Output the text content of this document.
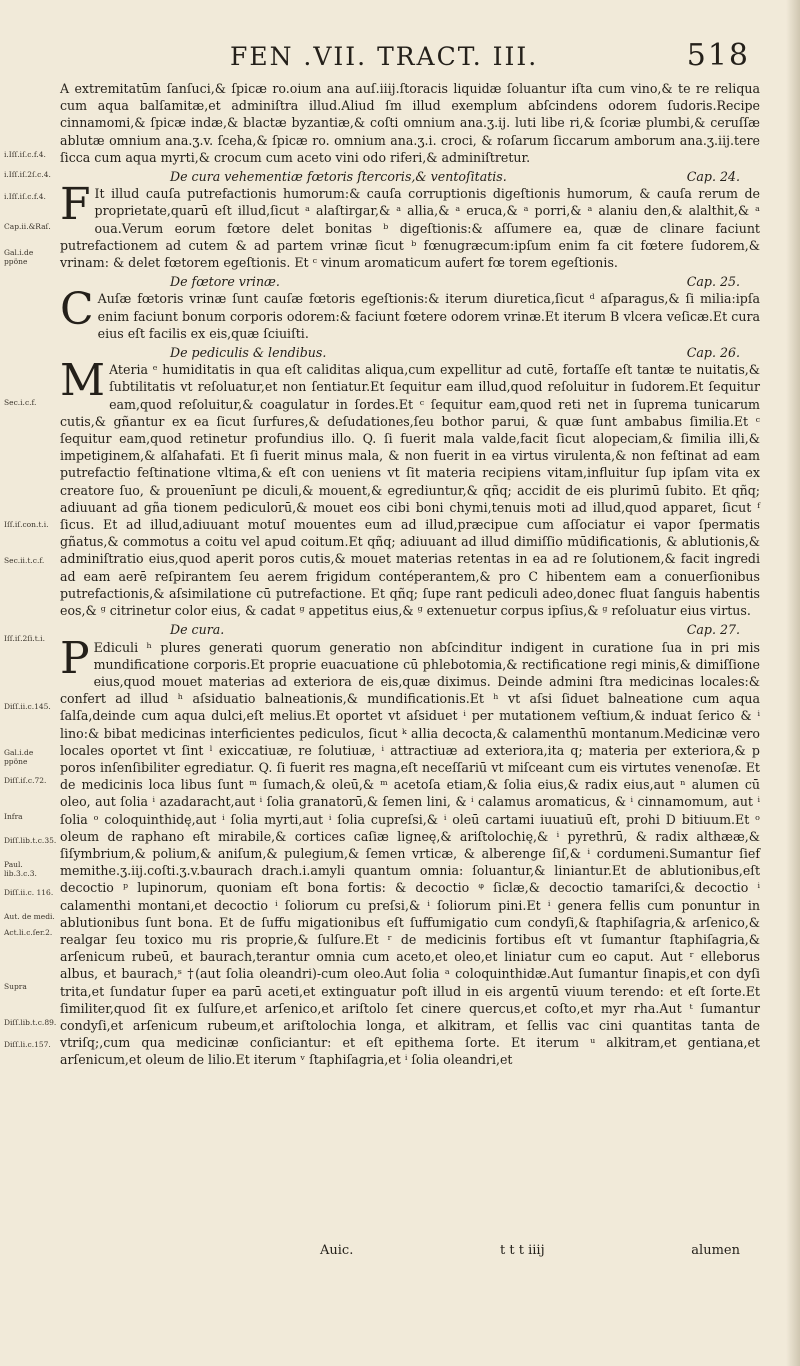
FEN .VII. TRACT. III.	518
i.Iſſ.iſ.c.f.4.
i.Iſſ.iſ.2ſ.c.4.
i.Iſſ.iſ.c.f.4.
Cap.ii.&Raſ.
Gal.i.de ppöne
Sec.i.c.f.
Iſſ.iſ.con.t.i.
Sec.ii.t.c.f.
Iſſ.iſ.2ſi.t.i.
Diſſ.ii.c.145.
Gal.i.de ppöne
Diſſ.iſ.c.72.
Infra
Diſſ.lib.t.c.35.
Paul. lib.3.c.3.
Diſſ.ii.c. 116.
Aut. de medi.
Act.li.c.ſer.2.
Supra
Diſſ.lib.t.c.89.
Diſſ.li.c.157.

A extremitatūm ſanſuci,& ſpicæ ro.oium ana auſ.iiij.ſtoracis liquidæ ſoluantur iſta cum vino,& te re reliqua cum aqua balſamitæ,et adminiſtra illud.Aliud ſm illud exemplum abſcindens odorem ſudoris.Recipe cinnamomi,& ſpicæ indæ,& blactæ byzantiæ,& coſti omnium ana.ʒ.ij. luti libe ri,& ſcoriæ plumbi,& ceruſſæ ablutæ omnium ana.ʒ.v. ſceha,& ſpicæ ro. omnium ana.ʒ.i. croci, & roſarum ſiccarum amborum ana.ʒ.iij.tere ſicca cum aqua myrti,& crocum cum aceto vini odo riferi,& adminiſtretur.

De cura vehementiæ fœtoris ſtercoris,& ventoſitatis.	Cap. 24.

F It illud cauſa putrefactionis humorum:& cauſa corruptionis digeſtionis humorum, & cauſa rerum de proprietate,quarū eſt illud,ſicut ᵃ alaſtirgar,& ᵃ allia,& ᵃ eruca,& ᵃ porri,& ᵃ alaniu den,& alalthit,& ᵃ oua.Verum eorum fœtore delet bonitas ᵇ digeſtionis:& aſſumere ea, quæ de clinare faciunt putrefactionem ad cutem & ad partem vrinæ ſicut ᵇ fœnugræcum:ipſum enim fa cit fœtere ſudorem,& vrinam: & delet fœtorem egeſtionis. Et ᶜ vinum aromaticum aufert fœ torem egeſtionis.

De fœtore vrinæ.	Cap. 25.

C Auſæ fœtoris vrinæ ſunt cauſæ fœtoris egeſtionis:& iterum diuretica,ſicut ᵈ aſparagus,& ſi milia:ipſa enim faciunt bonum corporis odorem:& faciunt fœtere odorem vrinæ.Et iterum B vlcera veſicæ.Et cura eius eſt facilis ex eis,quæ ſciuiſti.

De pediculis & lendibus.	Cap. 26.

M Ateria ᵉ humiditatis in qua eſt caliditas aliqua,cum expellitur ad cutē, fortaſſe eſt tantæ te nuitatis,& ſubtilitatis vt reſoluatur,et non ſentiatur.Et ſequitur eam illud,quod reſoluitur in ſudorem.Et ſequitur eam,quod reſoluitur,& coagulatur in ſordes.Et ᶜ ſequitur eam,quod reti net in ſuprema tunicarum cutis,& gñantur ex ea ſicut ſurfures,& deſudationes,ſeu bothor parui, & quæ ſunt ambabus ſimilia.Et ᶜ ſequitur eam,quod retinetur profundius illo. Q. ſi fuerit mala valde,facit ſicut alopeciam,& ſimilia illi,& impetiginem,& alſahafati. Et ſi fuerit minus mala, & non fuerit in ea virtus virulenta,& non feſtinat ad eam putrefactio feſtinatione vltima,& eſt con ueniens vt ſit materia recipiens vitam,influitur ſup ipſam vita ex creatore ſuo, & prouenīunt pe diculi,& mouent,& egrediuntur,& qñq; accidit de eis plurimū ſubito. Et qñq; adiuuant ad gña tionem pediculorū,& mouet eos cibi boni chymi,tenuis moti ad illud,quod apparet, ſicut ᶠ ſicus. Et ad illud,adiuuant motuſ mouentes eum ad illud,præcipue cum aſſociatur ei vapor ſpermatis gñatus,& commotus a coitu vel apud coitum.Et qñq; adiuuant ad illud dimiſſio mūdificationis, & ablutionis,& adminiſtratio eius,quod aperit poros cutis,& mouet materias retentas in ea ad re ſolutionem,& facit ingredi ad eam aerē reſpirantem ſeu aerem frigidum contéperantem,& pro C hibentem eam a conuerſionibus putrefactionis,& aſsimilatione cū putrefactione. Et qñq; ſupe rant pediculi adeo,donec fluat ſanguis habentis eos,& ᵍ citrinetur color eius, & cadat ᵍ appetitus eius,& ᵍ extenuetur corpus ipſius,& ᵍ reſoluatur eius virtus.

De cura.	Cap. 27.

P Ediculi ʰ plures generati quorum generatio non abſcinditur indigent in curatione ſua in pri mis mundificatione corporis.Et proprie euacuatione cū phlebotomia,& rectificatione regi minis,& dimiſſione eius,quod mouet materias ad exteriora de eis,quæ diximus. Deinde admini ſtra medicinas locales:& confert ad illud ʰ aſsiduatio balneationis,& mundificationis.Et ʰ vt aſsi ſiduet balneatione cum aqua ſalſa,deinde cum aqua dulci,eſt melius.Et oportet vt aſsiduet ⁱ per mutationem veſtium,& induat ſerico & ⁱ lino:& bibat medicinas interficientes pediculos, ſicut ᵏ allia decocta,& calamenthū montanum.Medicinæ vero locales oportet vt ſint ˡ exiccatiuæ, re ſolutiuæ, ⁱ attractiuæ ad exteriora,ita q; materia per exteriora,& p poros inſenſibiliter egrediatur. Q. ſi fuerit res magna,eſt neceſſariū vt miſceant cum eis virtutes venenoſæ. Et de medicinis loca libus ſunt ᵐ ſumach,& oleū,& ᵐ acetoſa etiam,& ſolia eius,& radix eius,aut ⁿ alumen cū oleo, aut ſolia ⁱ azadaracht,aut ⁱ ſolia granatorū,& ſemen lini, & ⁱ calamus aromaticus, & ⁱ cinnamomum, aut ⁱ ſolia ᵒ coloquinthidę,aut ⁱ ſolia myrti,aut ⁱ ſolia cupreſsi,& ⁱ oleū cartami iuuatiuū eſt, prohi D bitiuum.Et ᵒ oleum de raphano eſt mirabile,& cortices caſiæ ligneę,& ariſtolochię,& ⁱ pyrethrū, & radix althææ,& ſiſymbrium,& polium,& aniſum,& pulegium,& ſemen vrticæ, & alberenge ſiſ,& ⁱ cordumeni.Sumantur ſief memithe.ʒ.iij.coſti.ʒ.v.baurach drach.i.amyli quantum omnia: ſoluantur,& liniantur.Et de ablutionibus,eſt decoctio ᵖ lupinorum, quoniam eſt bona fortis: & decoctio ᵠ ſiclæ,& decoctio tamariſci,& decoctio ⁱ calamenthi montani,et decoctio ⁱ ſoliorum cu preſsi,& ⁱ ſoliorum pini.Et ⁱ genera fellis cum ponuntur in ablutionibus ſunt bona. Et de ſuffu migationibus eſt ſuffumigatio cum condyſi,& ſtaphiſagria,& arſenico,& realgar ſeu toxico mu ris proprie,& ſulſure.Et ʳ de medicinis fortibus eſt vt ſumantur ſtaphiſagria,& arſenicum rubeū, et baurach,terantur omnia cum aceto,et oleo,et liniatur cum eo caput. Aut ʳ elleborus albus, et baurach,ˢ †(aut ſolia oleandri)-cum oleo.Aut ſolia ᵃ coloquinthidæ.Aut ſumantur ſinapis,et con dyſi trita,et ſundatur ſuper ea parū aceti,et extinguatur poſt illud in eis argentū viuum terendo: et eſt ſorte.Et ſimiliter,quod ſit ex ſulſure,et arſenico,et ariſtolo ſet cinere quercus,et coſto,et myr rha.Aut ᵗ ſumantur condyſi,et arſenicum rubeum,et ariſtolochia longa, et alkitram, et ſellis vac cini quantitas tanta de vtriſq;,cum qua medicinæ conſiciantur: et eſt epithema ſorte. Et iterum ᵘ alkitram,et gentiana,et arſenicum,et oleum de lilio.Et iterum ᵛ ſtaphiſagria,et ⁱ ſolia oleandri,et

Auic.	t t t iiij	alumen
